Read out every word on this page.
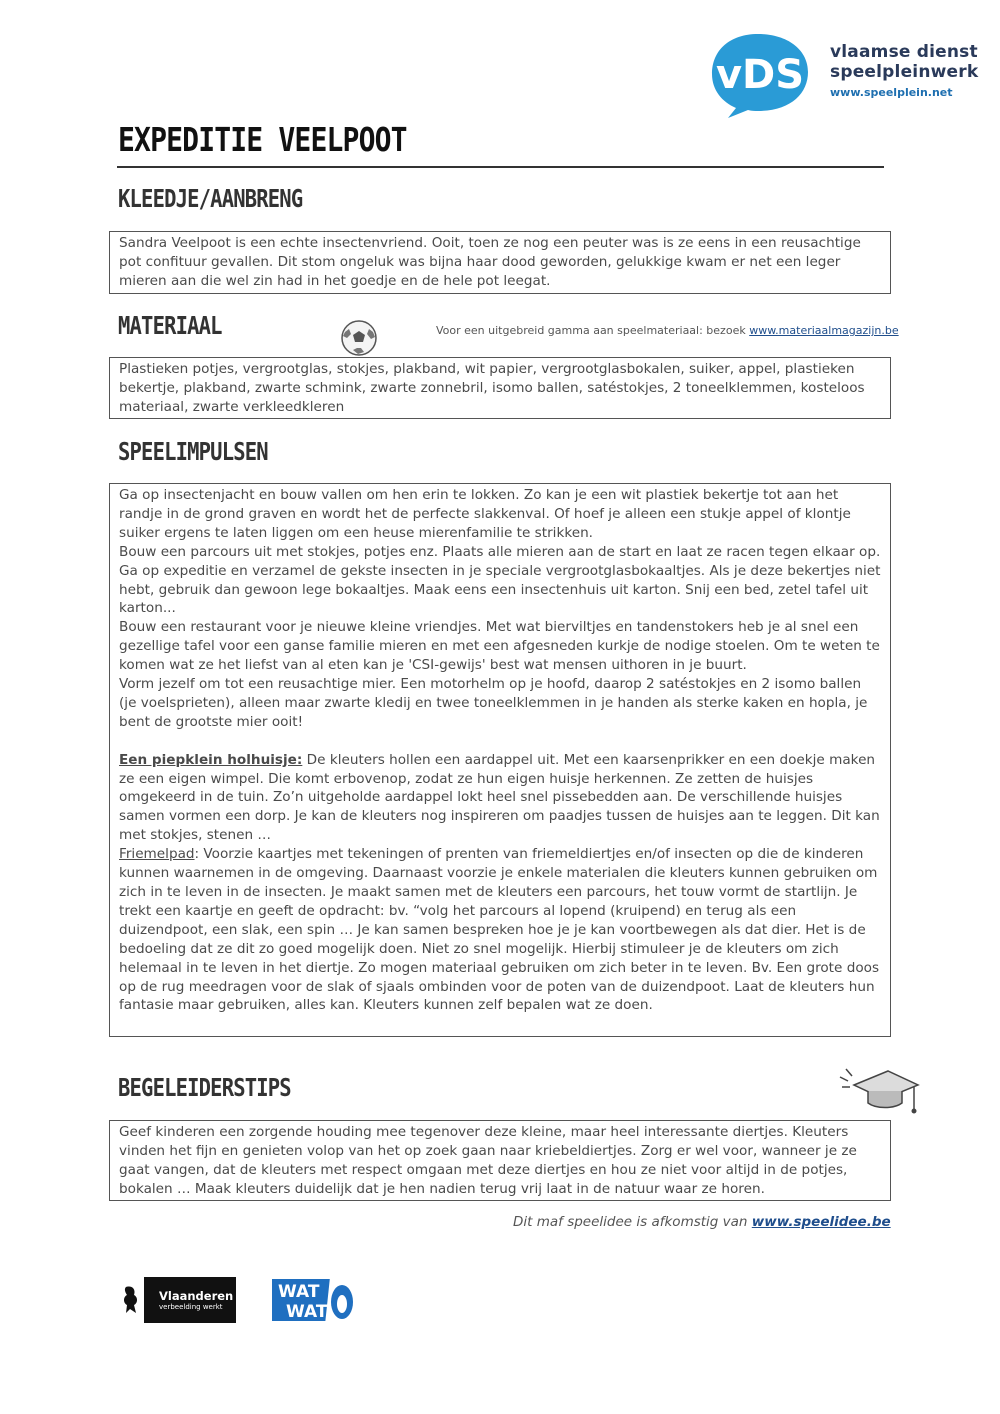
vDS vlaamse dienst
speelpleinwerk
www.speelplein.net
EXPEDITIE VEELPOOT
KLEEDJE/AANBRENG

Sandra Veelpoot is een echte insectenvriend. Ooit, toen ze nog een peuter was is ze eens in een reusachtige pot confituur gevallen. Dit stom ongeluk was bijna haar dood geworden, gelukkige kwam er net een leger mieren aan die wel zin had in het goedje en de hele pot leegat.

MATERIAAL	Voor een uitgebreid gamma aan speelmateriaal: bezoek www.materiaalmagazijn.be

Plastieken potjes, vergrootglas, stokjes, plakband, wit papier, vergrootglasbokalen, suiker, appel, plastieken bekertje, plakband, zwarte schmink, zwarte zonnebril, isomo ballen, satéstokjes, 2 toneelklemmen, kosteloos materiaal, zwarte verkleedkleren

SPEELIMPULSEN

Ga op insectenjacht en bouw vallen om hen erin te lokken. Zo kan je een wit plastiek bekertje tot aan het randje in de grond graven en wordt het de perfecte slakkenval. Of hoef je alleen een stukje appel of klontje suiker ergens te laten liggen om een heuse mierenfamilie te strikken.

Bouw een parcours uit met stokjes, potjes enz. Plaats alle mieren aan de start en laat ze racen tegen elkaar op.

Ga op expeditie en verzamel de gekste insecten in je speciale vergrootglasbokaaltjes. Als je deze bekertjes niet hebt, gebruik dan gewoon lege bokaaltjes. Maak eens een insectenhuis uit karton. Snij een bed, zetel tafel uit karton...

Bouw een restaurant voor je nieuwe kleine vriendjes. Met wat bierviltjes en tandenstokers heb je al snel een gezellige tafel voor een ganse familie mieren en met een afgesneden kurkje de nodige stoelen. Om te weten te komen wat ze het liefst van al eten kan je 'CSI-gewijs' best wat mensen uithoren in je buurt.

Vorm jezelf om tot een reusachtige mier. Een motorhelm op je hoofd, daarop 2 satéstokjes en 2 isomo ballen (je voelsprieten), alleen maar zwarte kledij en twee toneelklemmen in je handen als sterke kaken en hopla, je bent de grootste mier ooit!

Een piepklein holhuisje: De kleuters hollen een aardappel uit. Met een kaarsenprikker en een doekje maken ze een eigen wimpel. Die komt erbovenop, zodat ze hun eigen huisje herkennen. Ze zetten de huisjes omgekeerd in de tuin. Zo’n uitgeholde aardappel lokt heel snel pissebedden aan. De verschillende huisjes samen vormen een dorp. Je kan de kleuters nog inspireren om paadjes tussen de huisjes aan te leggen. Dit kan met stokjes, stenen …

Friemelpad: Voorzie kaartjes met tekeningen of prenten van friemeldiertjes en/of insecten op die de kinderen kunnen waarnemen in de omgeving. Daarnaast voorzie je enkele materialen die kleuters kunnen gebruiken om zich in te leven in de insecten. Je maakt samen met de kleuters een parcours, het touw vormt de startlijn. Je trekt een kaartje en geeft de opdracht: bv. “volg het parcours al lopend (kruipend) en terug als een duizendpoot, een slak, een spin … Je kan samen bespreken hoe je je kan voortbewegen als dat dier. Het is de bedoeling dat ze dit zo goed mogelijk doen. Niet zo snel mogelijk. Hierbij stimuleer je de kleuters om zich helemaal in te leven in het diertje. Zo mogen materiaal gebruiken om zich beter in te leven. Bv. Een grote doos op de rug meedragen voor de slak of sjaals ombinden voor de poten van de duizendpoot. Laat de kleuters hun fantasie maar gebruiken, alles kan. Kleuters kunnen zelf bepalen wat ze doen.

BEGELEIDERSTIPS

Geef kinderen een zorgende houding mee tegenover deze kleine, maar heel interessante diertjes. Kleuters vinden het fijn en genieten volop van het op zoek gaan naar kriebeldiertjes. Zorg er wel voor, wanneer je ze gaat vangen, dat de kleuters met respect omgaan met deze diertjes en hou ze niet voor altijd in de potjes, bokalen … Maak kleuters duidelijk dat je hen nadien terug vrij laat in de natuur waar ze horen.

Dit maf speelidee is afkomstig van www.speelidee.be
Vlaanderen
verbeelding werkt
WAT
WAT
